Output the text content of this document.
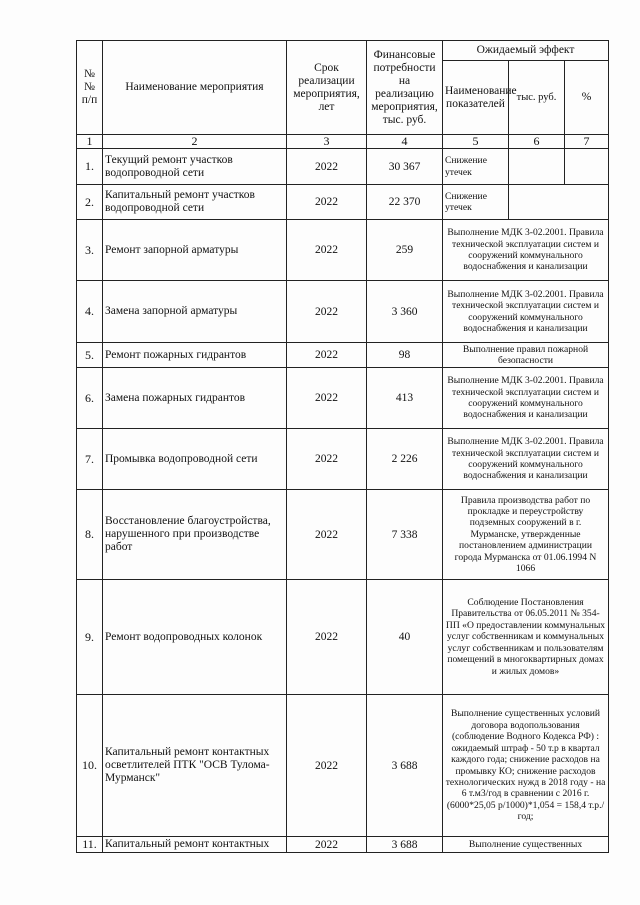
№№ п/п	Наименование мероприятия	Срок реализации мероприятия, лет	Финансовые потребности на реализацию мероприятия, тыс. руб.	Ожидаемый эффект		
				Наименование показателей	тыс. руб.	%
1	2	3	4	5	6	7
1.	Текущий ремонт участков водопроводной сети	2022	30 367	Снижение утечек		
2.	Капитальный ремонт участков водопроводной сети	2022	22 370	Снижение утечек		
3.	Ремонт запорной арматуры	2022	259	Выполнение МДК 3-02.2001. Правила технической эксплуатации систем и сооружений коммунального водоснабжения и канализации		
4.	Замена запорной арматуры	2022	3 360	Выполнение МДК 3-02.2001. Правила технической эксплуатации систем и сооружений коммунального водоснабжения и канализации		
5.	Ремонт пожарных гидрантов	2022	98	Выполнение правил пожарной безопасности		
6.	Замена пожарных гидрантов	2022	413	Выполнение МДК 3-02.2001. Правила технической эксплуатации систем и сооружений коммунального водоснабжения и канализации		
7.	Промывка водопроводной сети	2022	2 226	Выполнение МДК 3-02.2001. Правила технической эксплуатации систем и сооружений коммунального водоснабжения и канализации		
8.	Восстановление благоустройства, нарушенного при производстве работ	2022	7 338	Правила производства работ по прокладке и переустройству подземных сооружений в г. Мурманске, утвержденные постановлением администрации города Мурманска от 01.06.1994 N 1066		
9.	Ремонт водопроводных колонок	2022	40	Соблюдение Постановления Правительства от 06.05.2011 № 354-ПП «О предоставлении коммунальных услуг собственникам и коммунальных услуг собственникам и пользователям помещений в многоквартирных домах и жилых домов»		
10.	Капитальный ремонт контактных осветлителей ПТК "ОСВ Тулома-Мурманск"	2022	3 688	Выполнение существенных условий договора водопользования (соблюдение Водного Кодекса РФ) : ожидаемый штраф - 50 т.р в квартал каждого года; снижение расходов на промывку КО; снижение расходов технологических нужд в 2018 году - на 6 т.м3/год в сравнении с 2016 г. (6000*25,05 р/1000)*1,054 = 158,4 т.р./год;		
11.	Капитальный ремонт контактных	2022	3 688	Выполнение существенных		
